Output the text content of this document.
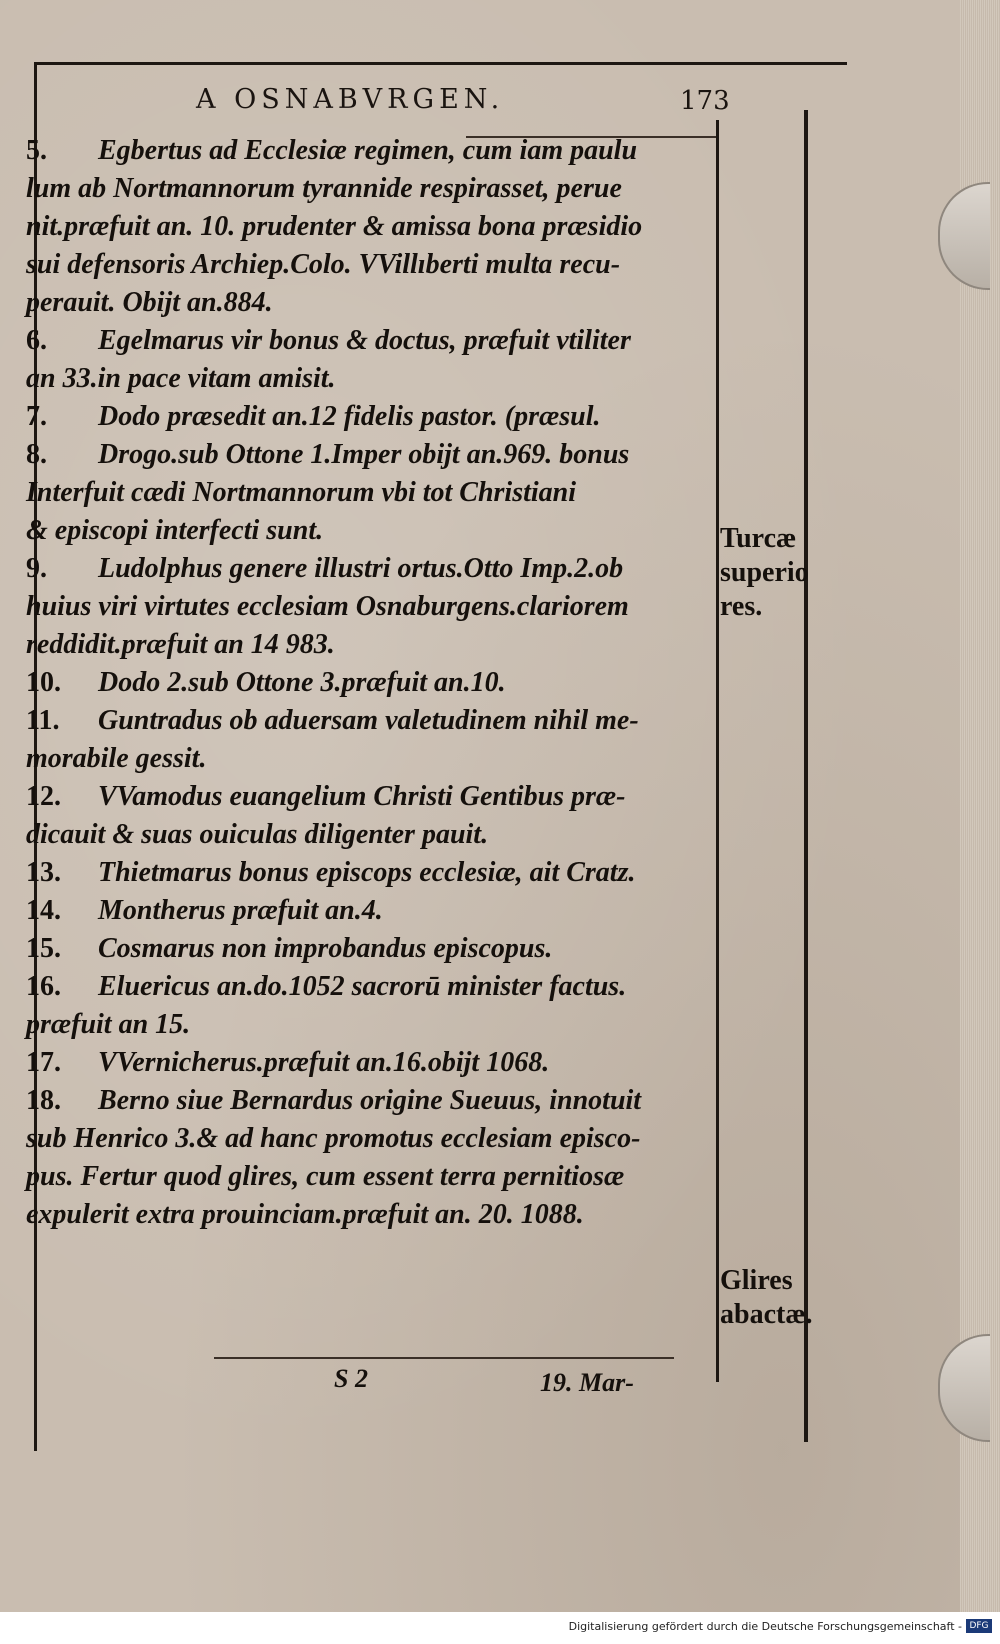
A OSNABVRGEN.	173
5. Egbertus ad Ecclesiæ regimen, cum iam paulu
lum ab Nortmannorum tyrannide respirasset, perue
nit.præfuit an. 10. prudenter & amissa bona præsidio
sui defensoris Archiep.Colo. VVillıberti multa recu-
perauit. Obijt an.884.
6. Egelmarus vir bonus & doctus, præfuit vtiliter
an 33.in pace vitam amisit.
7. Dodo præsedit an.12 fidelis pastor. (præsul.
8. Drogo.sub Ottone 1.Imper obijt an.969. bonus
Interfuit cædi Nortmannorum vbi tot Christiani
& episcopi interfecti sunt.
9. Ludolphus genere illustri ortus.Otto Imp.2.ob
huius viri virtutes ecclesiam Osnaburgens.clariorem
reddidit.præfuit an 14 983.
10. Dodo 2.sub Ottone 3.præfuit an.10.
11. Guntradus ob aduersam valetudinem nihil me-
morabile gessit.
12. VVamodus euangelium Christi Gentibus præ-
dicauit & suas ouiculas diligenter pauit.
13. Thietmarus bonus episcops ecclesiæ, ait Cratz.
14. Montherus præfuit an.4.
15. Cosmarus non improbandus episcopus.
16. Eluericus an.do.1052 sacrorū minister factus.
præfuit an 15.
17. VVernicherus.præfuit an.16.obijt 1068.
18. Berno siue Bernardus origine Sueuus, innotuit
sub Henrico 3.& ad hanc promotus ecclesiam episco-
pus. Fertur quod glires, cum essent terra pernitiosæ
expulerit extra prouinciam.præfuit an. 20. 1088.
Turcæ
superio
res.
Glires
abactæ.
S 2	19. Mar-
Digitalisierung gefördert durch die Deutsche Forschungsgemeinschaft - DFG
